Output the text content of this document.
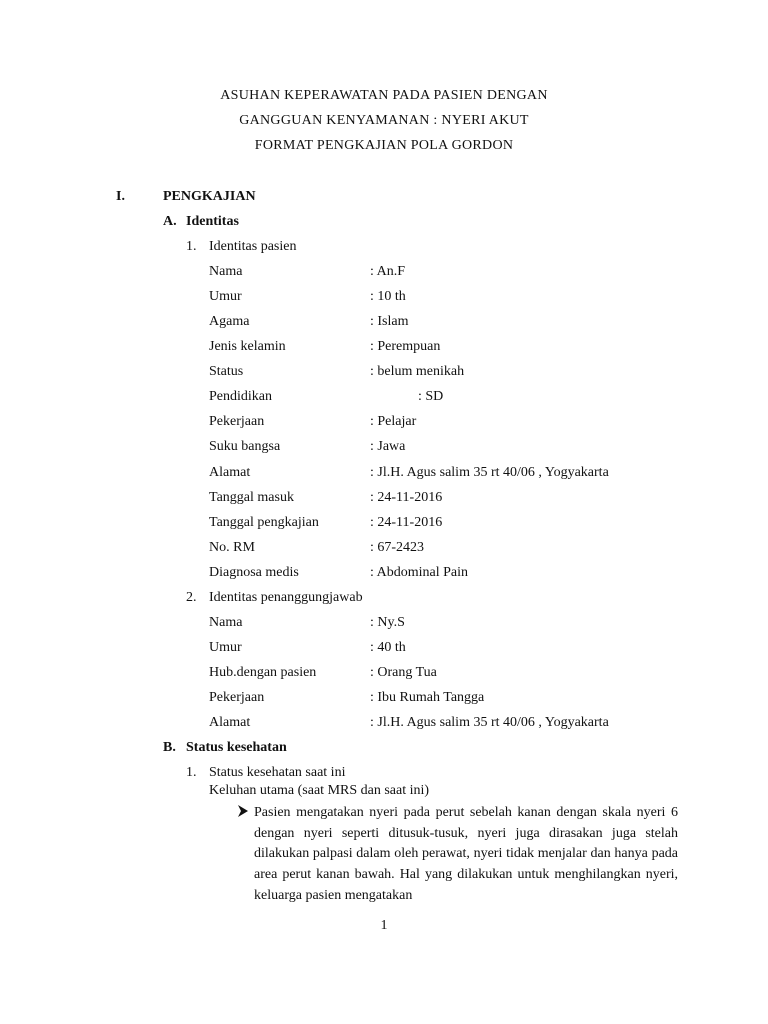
ASUHAN KEPERAWATAN PADA PASIEN DENGAN
GANGGUAN KENYAMANAN : NYERI AKUT
FORMAT PENGKAJIAN POLA GORDON
I.	PENGKAJIAN
A. Identitas
1. Identitas pasien
Nama	: An.F
Umur	: 10 th
Agama	: Islam
Jenis kelamin	: Perempuan
Status	: belum menikah
Pendidikan	: SD
Pekerjaan	: Pelajar
Suku bangsa	: Jawa
Alamat	: Jl.H. Agus salim 35 rt 40/06 , Yogyakarta
Tanggal masuk	: 24-11-2016
Tanggal pengkajian	: 24-11-2016
No. RM	: 67-2423
Diagnosa medis	: Abdominal Pain
2. Identitas penanggungjawab
Nama	: Ny.S
Umur	: 40 th
Hub.dengan pasien	: Orang Tua
Pekerjaan	: Ibu Rumah Tangga
Alamat	: Jl.H. Agus salim 35 rt 40/06 , Yogyakarta
B. Status kesehatan
1. Status kesehatan saat ini
Keluhan utama (saat MRS dan saat ini)
Pasien mengatakan nyeri pada perut sebelah kanan dengan skala nyeri 6 dengan nyeri seperti ditusuk-tusuk, nyeri juga dirasakan juga stelah dilakukan palpasi dalam oleh perawat, nyeri tidak menjalar dan hanya pada area perut kanan bawah. Hal yang dilakukan untuk menghilangkan nyeri, keluarga pasien mengatakan
1
